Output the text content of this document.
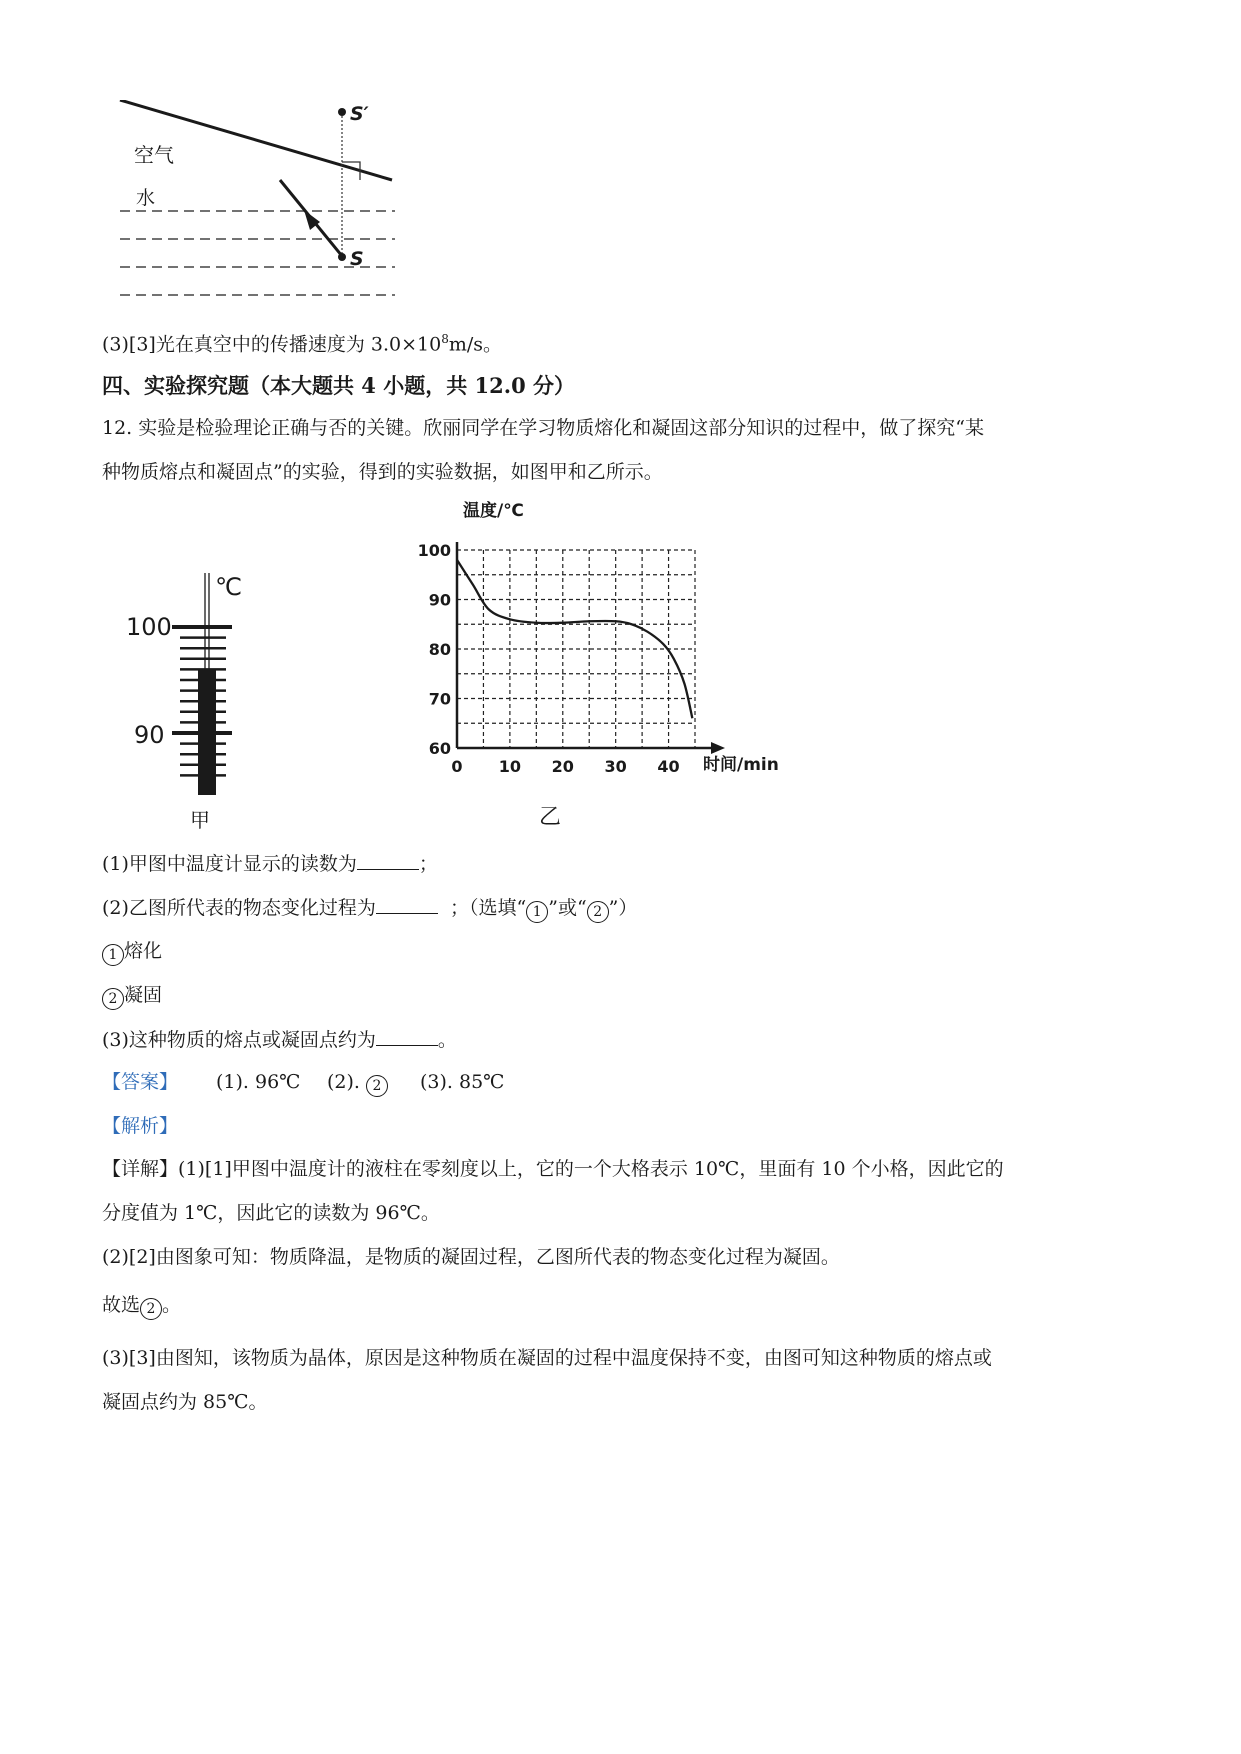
空气
水
S′
S
(3)[3]光在真空中的传播速度为 $3.0\times 10^8m/s$。
四、实验探究题（本大题共 4 小题，共 12.0 分）
12. 实验是检验理论正确与否的关键。欣丽同学在学习物质熔化和凝固这部分知识的过程中，做了探究“某
种物质熔点和凝固点”的实验，得到的实验数据，如图甲和乙所示。
℃
100
90
甲
60
70
80
90
100
0 10 20 30 40
温度/℃
时间/min
乙
(1)甲图中温度计显示的读数为	；
(2)乙图所代表的物态变化过程为	；（选填“ 1 ”或“ 2 ”）
1 熔化
2 凝固
(3)这种物质的熔点或凝固点约为	。
【答案】 (1). 96℃ (2). 2	(3). 85℃
【解析】
【详解】(1)[1]甲图中温度计的液柱在零刻度以上，它的一个大格表示 10℃，里面有 10 个小格，因此它的
分度值为 1℃，因此它的读数为 96℃。
(2)[2]由图象可知：物质降温，是物质的凝固过程，乙图所代表的物态变化过程为凝固。
故选 2 。
(3)[3]由图知，该物质为晶体，原因是这种物质在凝固的过程中温度保持不变，由图可知这种物质的熔点或
凝固点约为 85℃。
